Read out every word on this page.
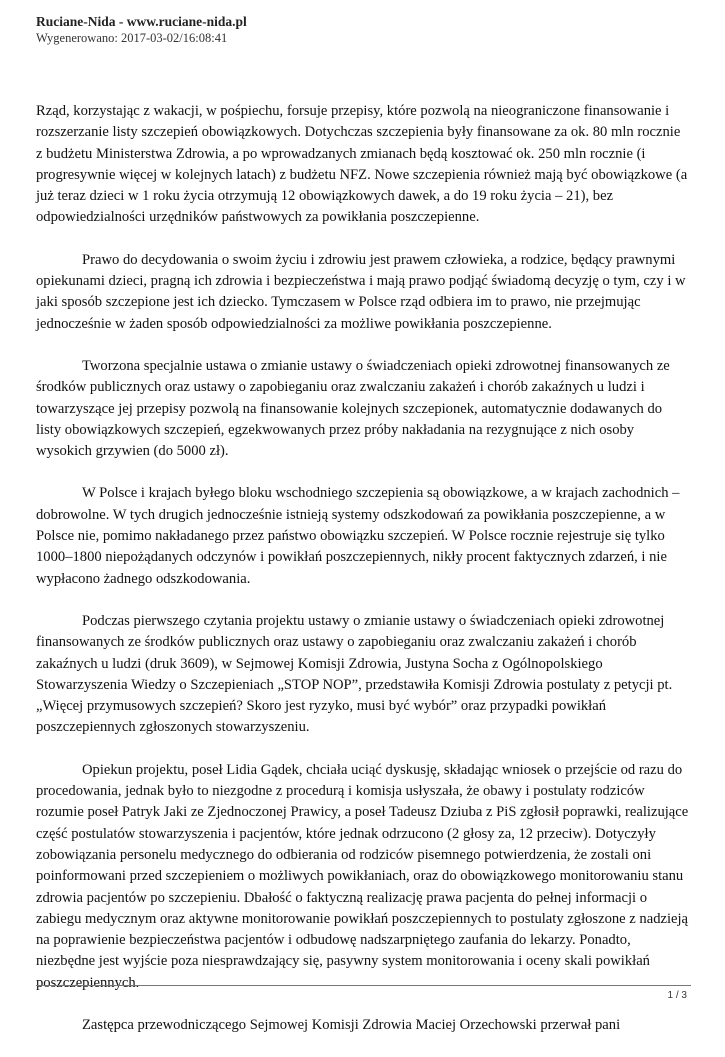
Ruciane-Nida - www.ruciane-nida.pl
Wygenerowano: 2017-03-02/16:08:41

Rząd, korzystając z wakacji, w pośpiechu, forsuje przepisy, które pozwolą na nieograniczone finansowanie i rozszerzanie listy szczepień obowiązkowych. Dotychczas szczepienia były finansowane za ok. 80 mln rocznie z budżetu Ministerstwa Zdrowia, a po wprowadzanych zmianach będą kosztować ok. 250 mln rocznie (i progresywnie więcej w kolejnych latach) z budżetu NFZ. Nowe szczepienia również mają być obowiązkowe (a już teraz dzieci w 1 roku życia otrzymują 12 obowiązkowych dawek, a do 19 roku życia – 21), bez odpowiedzialności urzędników państwowych za powikłania poszczepienne.

Prawo do decydowania o swoim życiu i zdrowiu jest prawem człowieka, a rodzice, będący prawnymi opiekunami dzieci, pragną ich zdrowia i bezpieczeństwa i mają prawo podjąć świadomą decyzję o tym, czy i w jaki sposób szczepione jest ich dziecko. Tymczasem w Polsce rząd odbiera im to prawo, nie przejmując jednocześnie w żaden sposób odpowiedzialności za możliwe powikłania poszczepienne.

Tworzona specjalnie ustawa o zmianie ustawy o świadczeniach opieki zdrowotnej finansowanych ze środków publicznych oraz ustawy o zapobieganiu oraz zwalczaniu zakażeń i chorób zakaźnych u ludzi i towarzyszące jej przepisy pozwolą na finansowanie kolejnych szczepionek, automatycznie dodawanych do listy obowiązkowych szczepień, egzekwowanych przez próby nakładania na rezygnujące z nich osoby wysokich grzywien (do 5000 zł).

W Polsce i krajach byłego bloku wschodniego szczepienia są obowiązkowe, a w krajach zachodnich – dobrowolne. W tych drugich jednocześnie istnieją systemy odszkodowań za powikłania poszczepienne, a w Polsce nie, pomimo nakładanego przez państwo obowiązku szczepień. W Polsce rocznie rejestruje się tylko 1000–1800 niepożądanych odczynów i powikłań poszczepiennych, nikły procent faktycznych zdarzeń, i nie wypłacono żadnego odszkodowania.

Podczas pierwszego czytania projektu ustawy o zmianie ustawy o świadczeniach opieki zdrowotnej finansowanych ze środków publicznych oraz ustawy o zapobieganiu oraz zwalczaniu zakażeń i chorób zakaźnych u ludzi (druk 3609), w Sejmowej Komisji Zdrowia, Justyna Socha z Ogólnopolskiego Stowarzyszenia Wiedzy o Szczepieniach „STOP NOP”, przedstawiła Komisji Zdrowia postulaty z petycji pt. „Więcej przymusowych szczepień? Skoro jest ryzyko, musi być wybór” oraz przypadki powikłań poszczepiennych zgłoszonych stowarzyszeniu.

Opiekun projektu, poseł Lidia Gądek, chciała uciąć dyskusję, składając wniosek o przejście od razu do procedowania, jednak było to niezgodne z procedurą i komisja usłyszała, że obawy i postulaty rodziców rozumie poseł Patryk Jaki ze Zjednoczonej Prawicy, a poseł Tadeusz Dziuba z PiS zgłosił poprawki, realizujące część postulatów stowarzyszenia i pacjentów, które jednak odrzucono (2 głosy za, 12 przeciw). Dotyczyły zobowiązania personelu medycznego do odbierania od rodziców pisemnego potwierdzenia, że zostali oni poinformowani przed szczepieniem o możliwych powikłaniach, oraz do obowiązkowego monitorowaniu stanu zdrowia pacjentów po szczepieniu. Dbałość o faktyczną realizację prawa pacjenta do pełnej informacji o zabiegu medycznym oraz aktywne monitorowanie powikłań poszczepiennych to postulaty zgłoszone z nadzieją na poprawienie bezpieczeństwa pacjentów i odbudowę nadszarpniętego zaufania do lekarzy. Ponadto, niezbędne jest wyjście poza niesprawdzający się, pasywny system monitorowania i oceny skali powikłań poszczepiennych.

Zastępca przewodniczącego Sejmowej Komisji Zdrowia Maciej Orzechowski przerwał pani

1 / 3
